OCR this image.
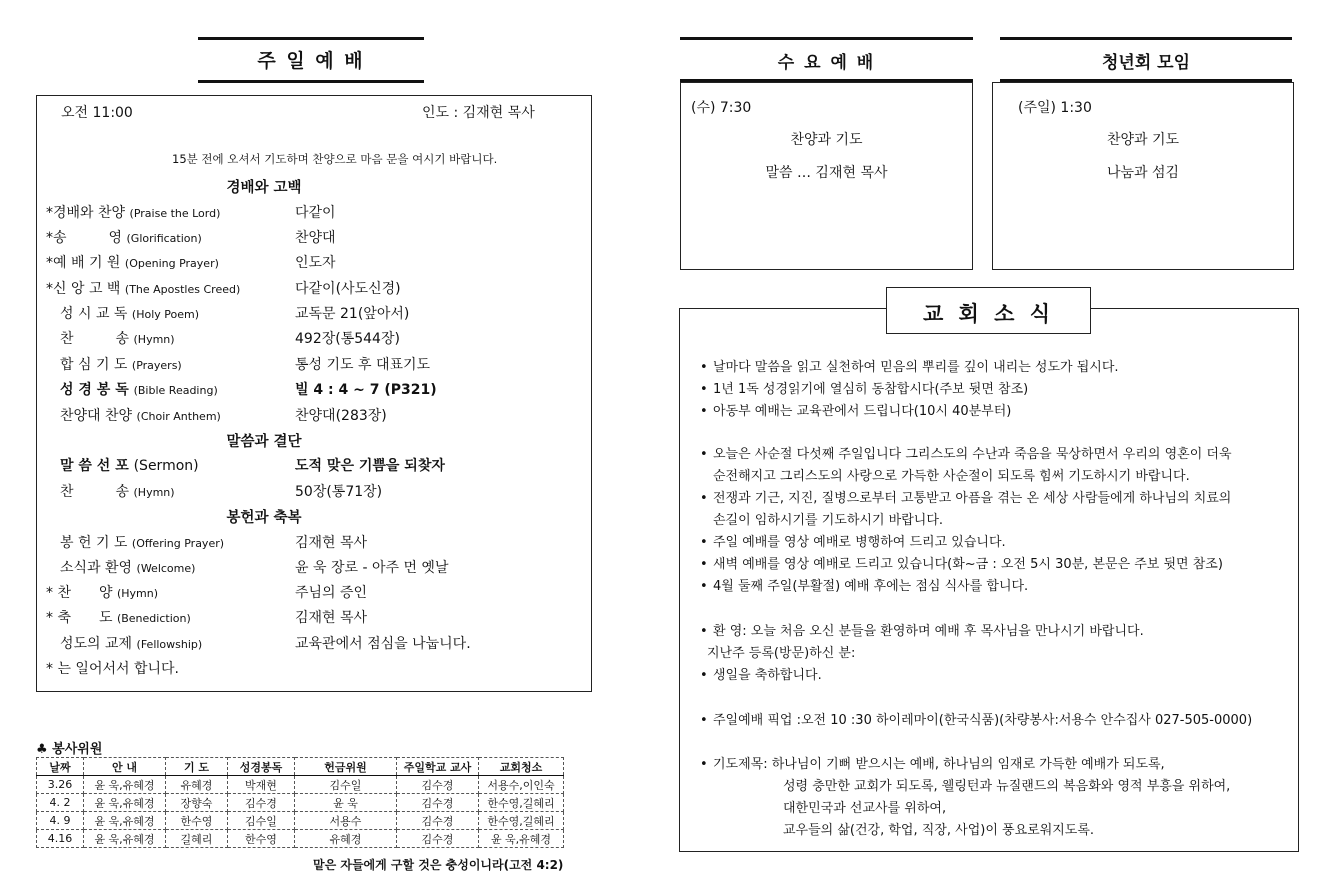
주 일 예 배
오전 11:00	인도 : 김재현 목사
15분 전에 오셔서 기도하며 찬양으로 마음 문을 여시기 바랍니다.
경배와 고백
말씀과 결단
봉헌과 축복
*경배와 찬양 (Praise the Lord)	다같이
*송　　　영 (Glorification)	찬양대
*예 배 기 원 (Opening Prayer)	인도자
*신 앙 고 백 (The Apostles Creed)	다같이(사도신경)
성 시 교 독 (Holy Poem)	교독문 21(앞아서)
찬　　　송 (Hymn)	492장(통544장)
합 심 기 도 (Prayers)	통성 기도 후 대표기도
성 경 봉 독 (Bible Reading)	빌 4 : 4 ~ 7 (P321)
찬양대 찬양 (Choir Anthem)	찬양대(283장)
말 씀 선 포 (Sermon)	도적 맞은 기쁨을 되찾자
찬　　　송 (Hymn)	50장(통71장)
봉 헌 기 도 (Offering Prayer)	김재현 목사
소식과 환영 (Welcome)	윤 욱 장로 - 아주 먼 옛날
* 찬　　양 (Hymn)	주님의 증인
* 축　　도 (Benediction)	김재현 목사
성도의 교제 (Fellowship)	교육관에서 점심을 나눕니다.
* 는 일어서서 합니다.
♣ 봉사위원
날짜	안 내	기 도	성경봉독	헌금위원	주일학교 교사	교회청소
3.26	윤 욱,유혜경	유혜경	박재현	김수일	김수경	서용수,이인숙
4. 2	윤 욱,유혜경	장향숙	김수경	윤 욱	김수경	한수영,길혜리
4. 9	윤 욱,유혜경	한수영	김수일	서용수	김수경	한수영,길혜리
4.16	윤 욱,유혜경	길혜리	한수영	유혜경	김수경	윤 욱,유혜경
맡은 자들에게 구할 것은 충성이니라(고전 4:2)
수 요 예 배
(수) 7:30
찬양과 기도
말씀 … 김재현 목사
청년회 모임
(주일) 1:30
찬양과 기도
나눔과 섬김
교 회 소 식
• 날마다 말씀을 읽고 실천하여 믿음의 뿌리를 깊이 내리는 성도가 됩시다.
• 1년 1독 성경읽기에 열심히 동참합시다(주보 뒷면 참조)
• 아동부 예배는 교육관에서 드립니다(10시 40분부터)
• 오늘은 사순절 다섯째 주일입니다 그리스도의 수난과 죽음을 묵상하면서 우리의 영혼이 더욱
순전해지고 그리스도의 사랑으로 가득한 사순절이 되도록 힘써 기도하시기 바랍니다.
• 전쟁과 기근, 지진, 질병으로부터 고통받고 아픔을 겪는 온 세상 사람들에게 하나님의 치료의
손길이 임하시기를 기도하시기 바랍니다.
• 주일 예배를 영상 예배로 병행하여 드리고 있습니다.
• 새벽 예배를 영상 예배로 드리고 있습니다(화~금 : 오전 5시 30분, 본문은 주보 뒷면 참조)
• 4월 둘째 주일(부활절) 예배 후에는 점심 식사를 합니다.
• 환 영: 오늘 처음 오신 분들을 환영하며 예배 후 목사님을 만나시기 바랍니다.
지난주 등록(방문)하신 분:
• 생일을 축하합니다.
• 주일예배 픽업 :오전 10 :30 하이레마이(한국식품)(차량봉사:서용수 안수집사 027-505-0000)
• 기도제목: 하나님이 기뻐 받으시는 예배, 하나님의 임재로 가득한 예배가 되도록,
성령 충만한 교회가 되도록, 웰링턴과 뉴질랜드의 복음화와 영적 부흥을 위하여,
대한민국과 선교사를 위하여,
교우들의 삶(건강, 학업, 직장, 사업)이 풍요로워지도록.
